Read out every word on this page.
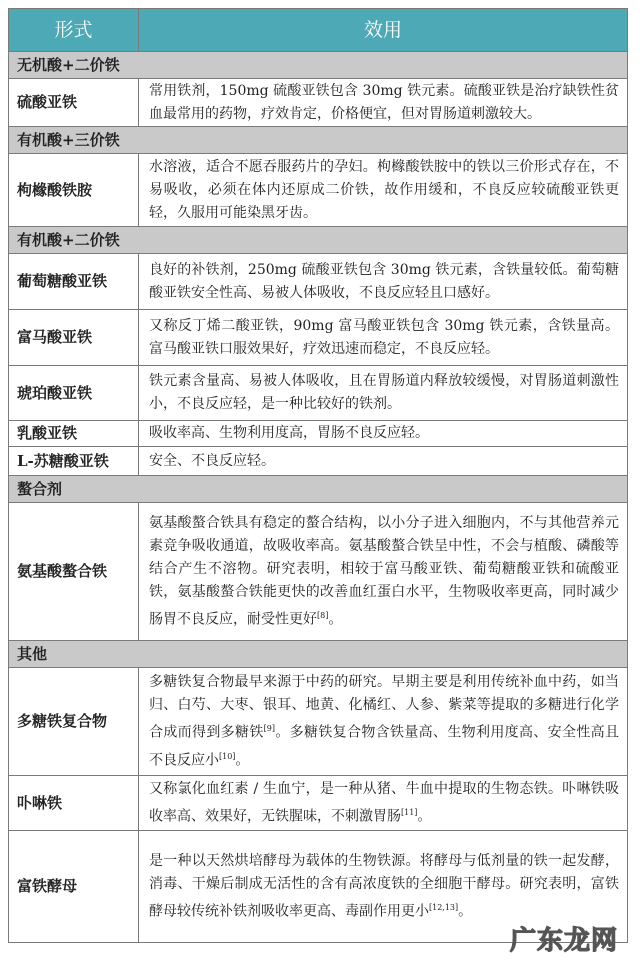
形式	效用
无机酸+二价铁	
硫酸亚铁	常用铁剂，150mg 硫酸亚铁包含 30mg 铁元素。硫酸亚铁是治疗缺铁性贫血最常用的药物，疗效肯定，价格便宜，但对胃肠道刺激较大。
有机酸+三价铁	
枸橼酸铁胺	水溶液，适合不愿吞服药片的孕妇。枸橼酸铁胺中的铁以三价形式存在，不易吸收，必须在体内还原成二价铁，故作用缓和，不良反应较硫酸亚铁更轻，久服用可能染黑牙齿。
有机酸+二价铁	
葡萄糖酸亚铁	良好的补铁剂，250mg 硫酸亚铁包含 30mg 铁元素，含铁量较低。葡萄糖酸亚铁安全性高、易被人体吸收，不良反应轻且口感好。
富马酸亚铁	又称反丁烯二酸亚铁，90mg 富马酸亚铁包含 30mg 铁元素，含铁量高。富马酸亚铁口服效果好，疗效迅速而稳定，不良反应轻。
琥珀酸亚铁	铁元素含量高、易被人体吸收，且在胃肠道内释放较缓慢，对胃肠道刺激性小，不良反应轻，是一种比较好的铁剂。
乳酸亚铁	吸收率高、生物利用度高，胃肠不良反应轻。
L-苏糖酸亚铁	安全、不良反应轻。
螯合剂	
氨基酸螯合铁	氨基酸螯合铁具有稳定的螯合结构，以小分子进入细胞内，不与其他营养元素竞争吸收通道，故吸收率高。氨基酸螯合铁呈中性，不会与植酸、磷酸等结合产生不溶物。研究表明，相较于富马酸亚铁、葡萄糖酸亚铁和硫酸亚铁，氨基酸螯合铁能更快的改善血红蛋白水平，生物吸收率更高，同时减少肠胃不良反应，耐受性更好[8]。
其他	
多糖铁复合物	多糖铁复合物最早来源于中药的研究。早期主要是利用传统补血中药，如当归、白芍、大枣、银耳、地黄、化橘红、人参、紫菜等提取的多糖进行化学合成而得到多糖铁[9]。多糖铁复合物含铁量高、生物利用度高、安全性高且不良反应小[10]。
卟啉铁	又称氯化血红素 / 生血宁，是一种从猪、牛血中提取的生物态铁。卟啉铁吸收率高、效果好，无铁腥味，不刺激胃肠[11]。
富铁酵母	是一种以天然烘培酵母为载体的生物铁源。将酵母与低剂量的铁一起发酵，消毒、干燥后制成无活性的含有高浓度铁的全细胞干酵母。研究表明，富铁酵母较传统补铁剂吸收率更高、毒副作用更小[12,13]。
广东龙网
